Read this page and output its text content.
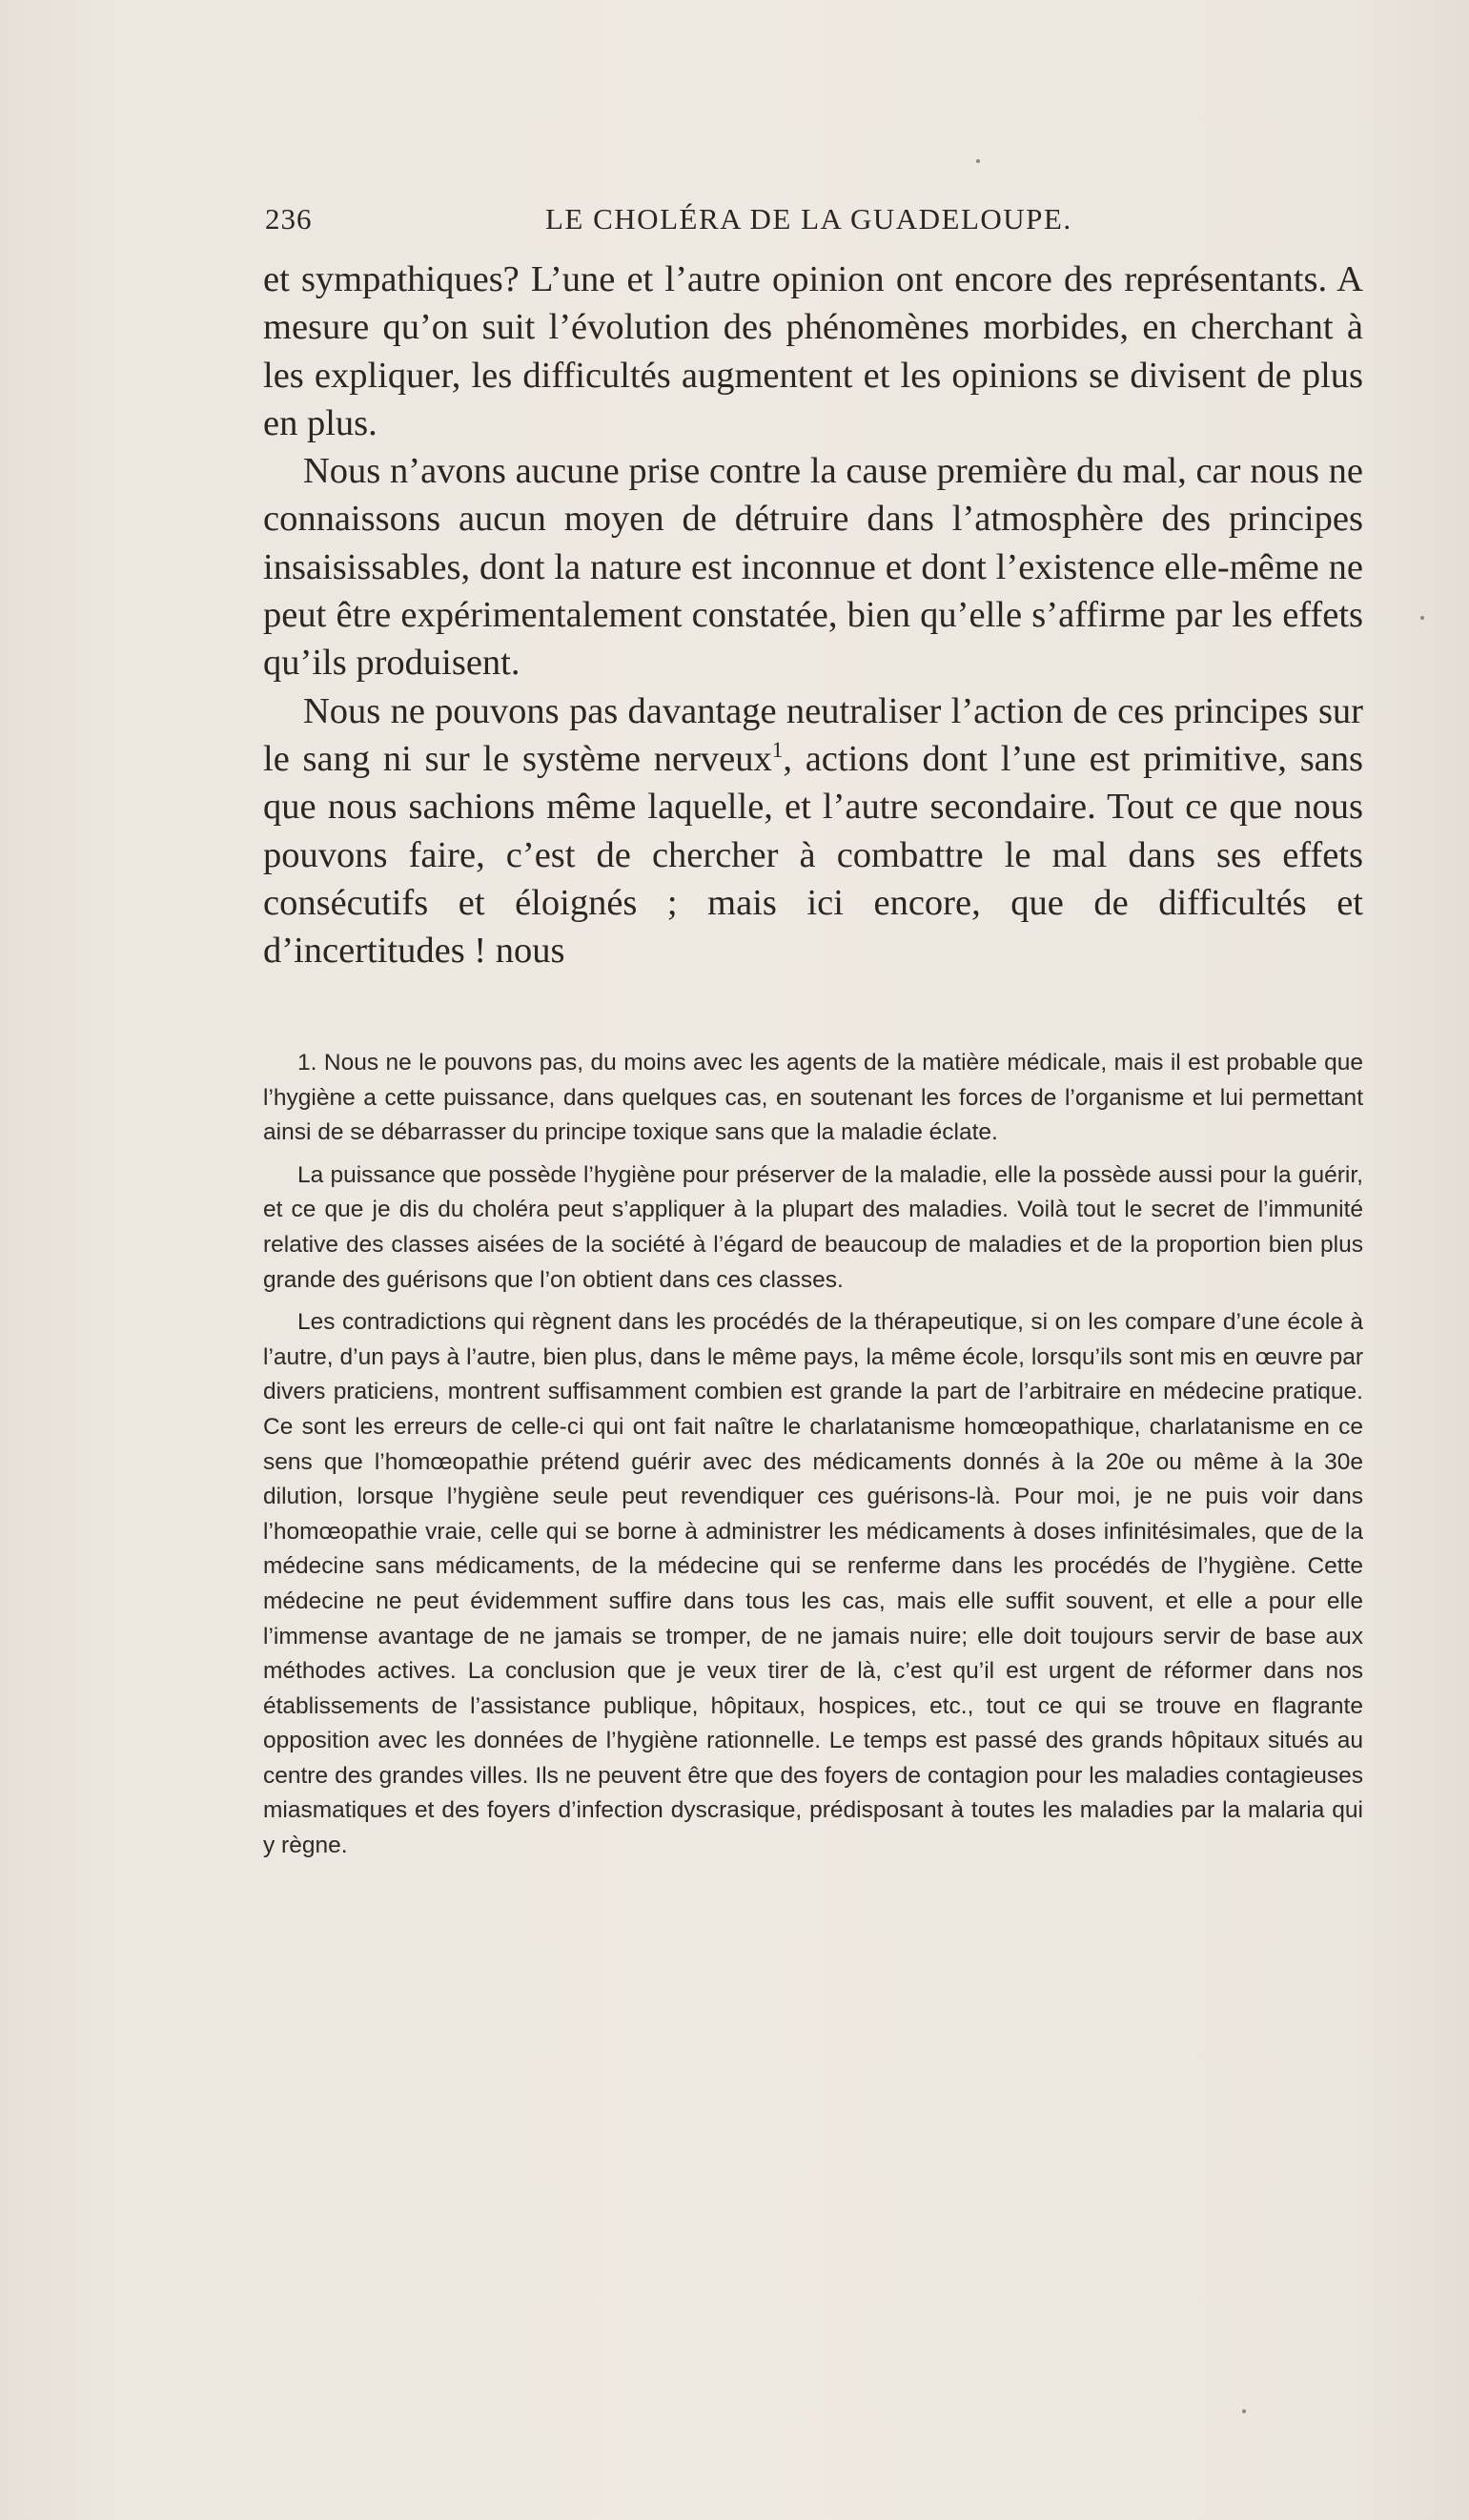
236	LE CHOLÉRA DE LA GUADELOUPE.

et sympathiques? L’une et l’autre opinion ont encore des représentants. A mesure qu’on suit l’évolution des phénomènes morbides, en cherchant à les expliquer, les difficultés augmentent et les opinions se divisent de plus en plus.

Nous n’avons aucune prise contre la cause première du mal, car nous ne connaissons aucun moyen de détruire dans l’atmosphère des principes insaisissables, dont la nature est inconnue et dont l’existence elle-même ne peut être expérimentalement constatée, bien qu’elle s’affirme par les effets qu’ils produisent.

Nous ne pouvons pas davantage neutraliser l’action de ces principes sur le sang ni sur le système nerveux$^1$, actions dont l’une est primitive, sans que nous sachions même laquelle, et l’autre secondaire. Tout ce que nous pouvons faire, c’est de chercher à combattre le mal dans ses effets consécutifs et éloignés ; mais ici encore, que de difficultés et d’incertitudes ! nous

1. Nous ne le pouvons pas, du moins avec les agents de la matière médicale, mais il est probable que l’hygiène a cette puissance, dans quelques cas, en soutenant les forces de l’organisme et lui permettant ainsi de se débarrasser du principe toxique sans que la maladie éclate.

La puissance que possède l’hygiène pour préserver de la maladie, elle la possède aussi pour la guérir, et ce que je dis du choléra peut s’appliquer à la plupart des maladies. Voilà tout le secret de l’immunité relative des classes aisées de la société à l’égard de beaucoup de maladies et de la proportion bien plus grande des guérisons que l’on obtient dans ces classes.

Les contradictions qui règnent dans les procédés de la thérapeutique, si on les compare d’une école à l’autre, d’un pays à l’autre, bien plus, dans le même pays, la même école, lorsqu’ils sont mis en œuvre par divers praticiens, montrent suffisamment combien est grande la part de l’arbitraire en médecine pratique. Ce sont les erreurs de celle-ci qui ont fait naître le charlatanisme homœopathique, charlatanisme en ce sens que l’homœopathie prétend guérir avec des médicaments donnés à la 20e ou même à la 30e dilution, lorsque l’hygiène seule peut revendiquer ces guérisons-là. Pour moi, je ne puis voir dans l’homœopathie vraie, celle qui se borne à administrer les médicaments à doses infinitésimales, que de la médecine sans médicaments, de la médecine qui se renferme dans les procédés de l’hygiène. Cette médecine ne peut évidemment suffire dans tous les cas, mais elle suffit souvent, et elle a pour elle l’immense avantage de ne jamais se tromper, de ne jamais nuire; elle doit toujours servir de base aux méthodes actives. La conclusion que je veux tirer de là, c’est qu’il est urgent de réformer dans nos établissements de l’assistance publique, hôpitaux, hospices, etc., tout ce qui se trouve en flagrante opposition avec les données de l’hygiène rationnelle. Le temps est passé des grands hôpitaux situés au centre des grandes villes. Ils ne peuvent être que des foyers de contagion pour les maladies contagieuses miasmatiques et des foyers d’infection dyscrasique, prédisposant à toutes les maladies par la malaria qui y règne.
